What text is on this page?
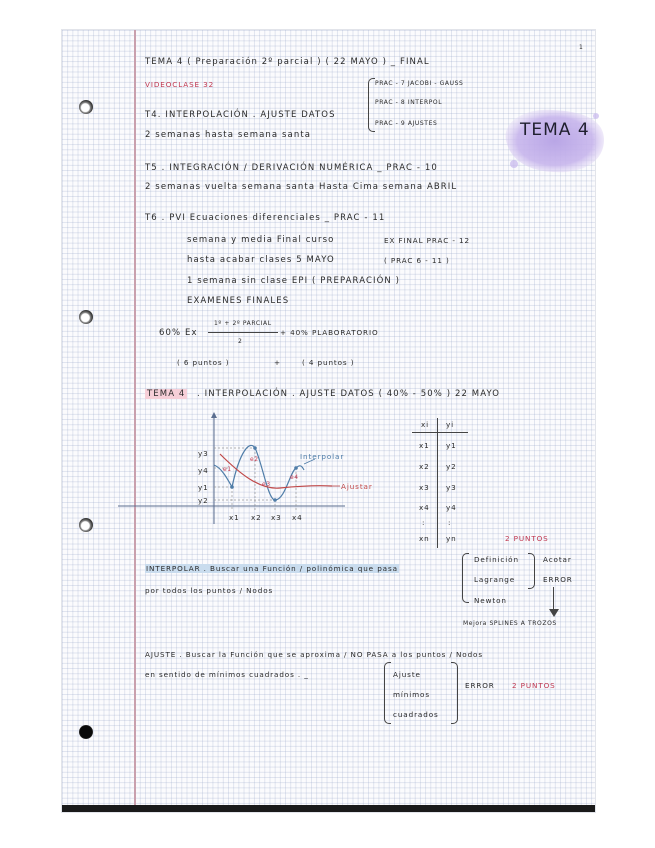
1
TEMA 4 ( Preparación 2º parcial ) ( 22 MAYO ) _ FINAL
VIDEOCLASE 32	PRAC - 7 JACOBI - GAUSS
PRAC - 8 INTERPOL
PRAC - 9 AJUSTES
T4. INTERPOLACIÓN . AJUSTE DATOS
2 semanas hasta semana santa	TEMA 4
T5 . INTEGRACIÓN / DERIVACIÓN NUMÉRICA _ PRAC - 10
2 semanas vuelta semana santa Hasta Cima semana ABRIL
T6 . PVI Ecuaciones diferenciales _ PRAC - 11
semana y media Final curso	EX FINAL PRAC - 12
hasta acabar clases 5 MAYO	( PRAC 6 - 11 )
1 semana sin clase EPI ( PREPARACIÓN )
EXAMENES FINALES
60% Ex
1º + 2º PARCIAL
2
+ 40% PLABORATORIO
( 6 puntos )	+	( 4 puntos )
TEMA 4 . INTERPOLACIÓN . AJUSTE DATOS ( 40% - 50% ) 22 MAYO
y3
y4
y1
y2
x1 x2 x3 x4
e1
e2
e3
e4
Interpolar
Ajustar
xi yi
x1 y1
x2 y2
x3 y3
x4 y4
:	:
xn yn	2 PUNTOS
INTERPOLAR . Buscar una Función / polinómica que pasa
por todos los puntos / Nodos
Definición
Lagrange
Newton
Acotar
ERROR
Mejora SPLINES A TROZOS
AJUSTE . Buscar la Función que se aproxima / NO PASA a los puntos / Nodos
en sentido de mínimos cuadrados . _	Ajuste
mínimos
cuadrados
ERROR 2 PUNTOS
